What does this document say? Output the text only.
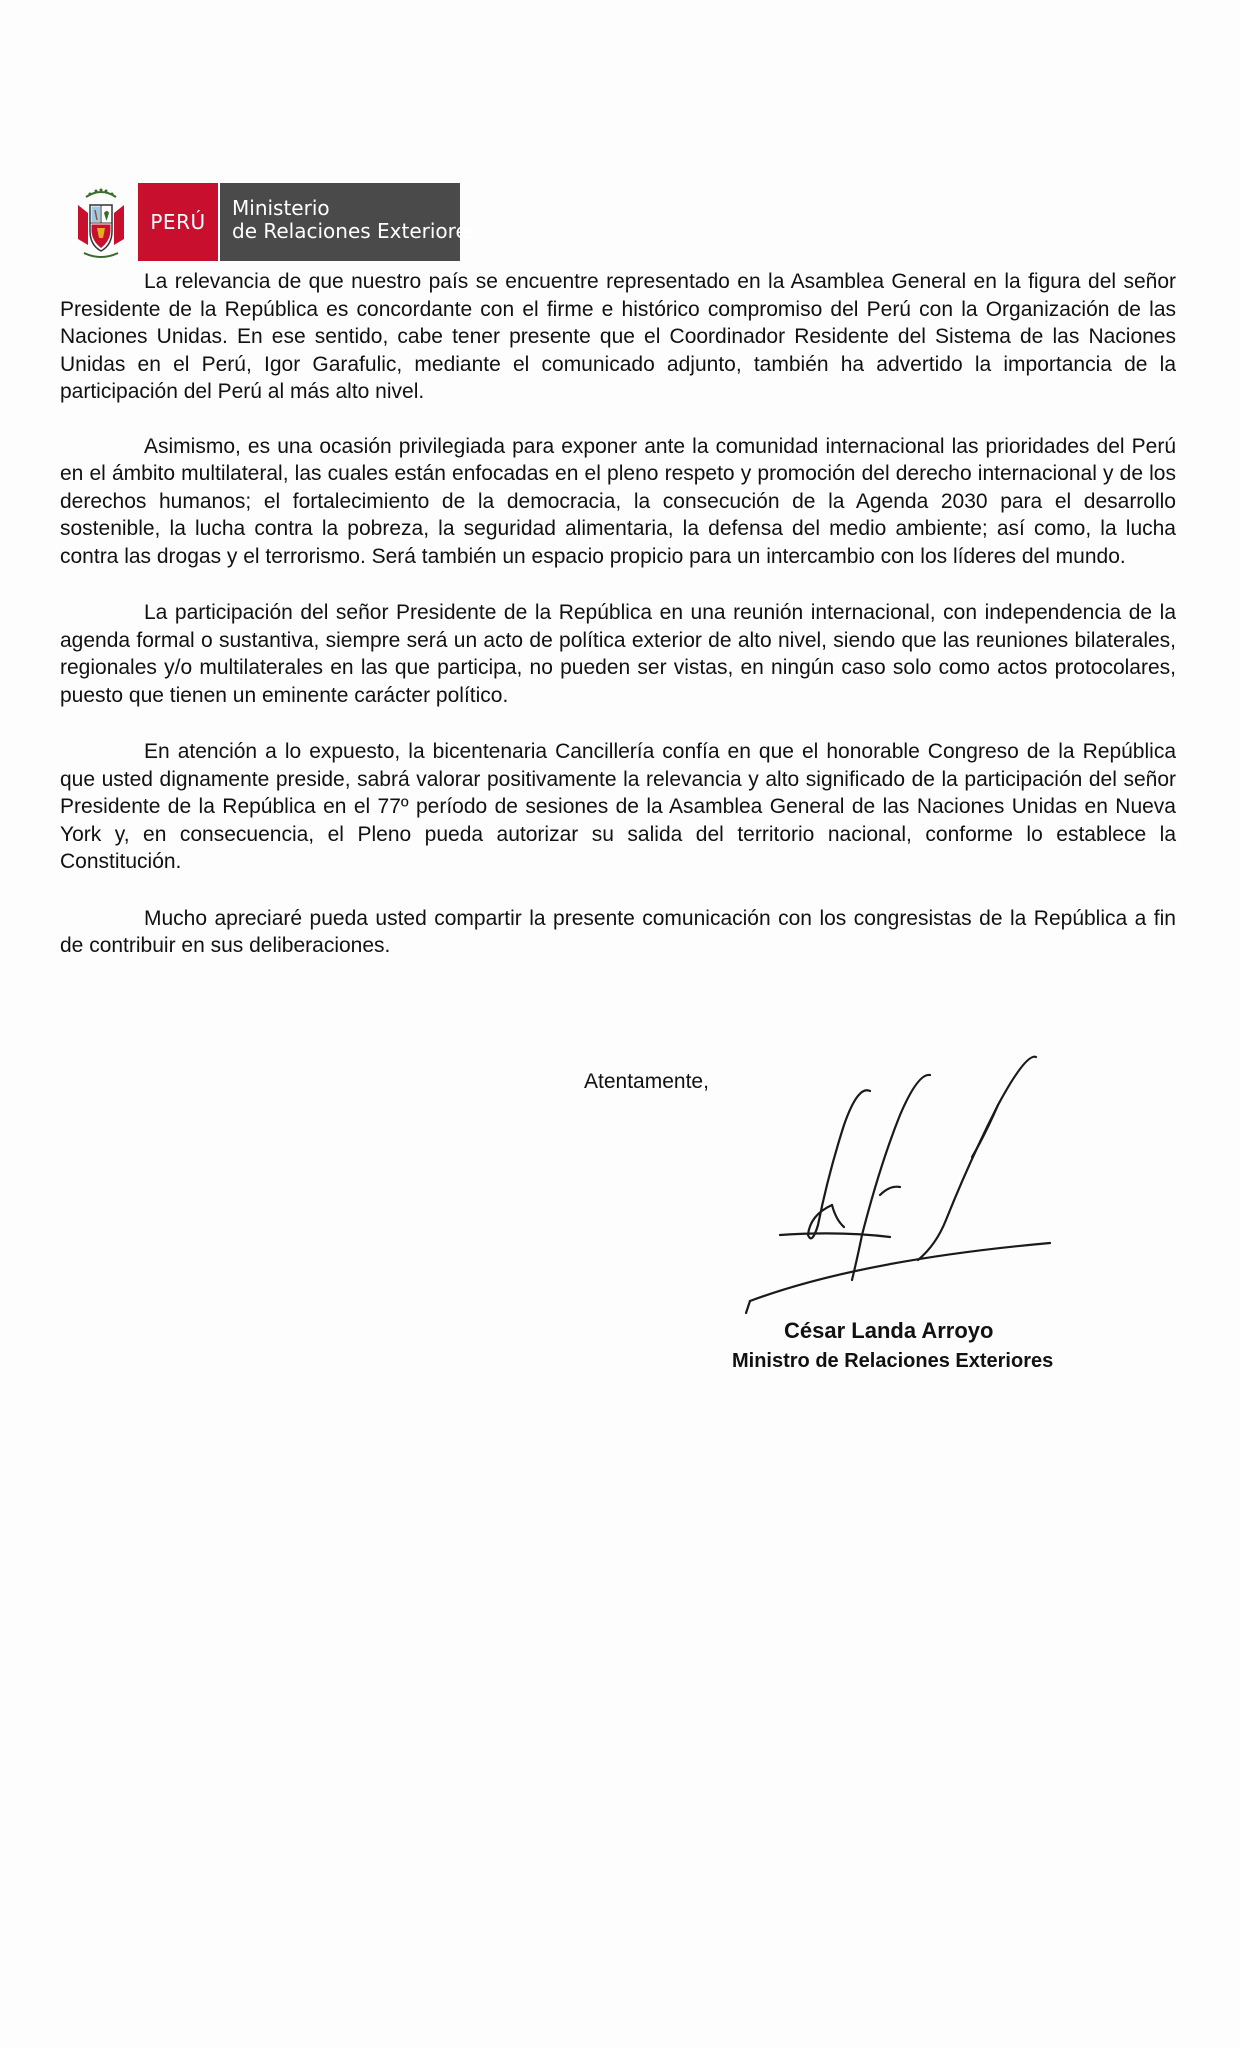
PERÚ
Ministerio
de Relaciones Exteriores

La relevancia de que nuestro país se encuentre representado en la Asamblea General en la figura del señor Presidente de la República es concordante con el firme e histórico compromiso del Perú con la Organización de las Naciones Unidas. En ese sentido, cabe tener presente que el Coordinador Residente del Sistema de las Naciones Unidas en el Perú, Igor Garafulic, mediante el comunicado adjunto, también ha advertido la importancia de la participación del Perú al más alto nivel.

Asimismo, es una ocasión privilegiada para exponer ante la comunidad internacional las prioridades del Perú en el ámbito multilateral, las cuales están enfocadas en el pleno respeto y promoción del derecho internacional y de los derechos humanos; el fortalecimiento de la democracia, la consecución de la Agenda 2030 para el desarrollo sostenible, la lucha contra la pobreza, la seguridad alimentaria, la defensa del medio ambiente; así como, la lucha contra las drogas y el terrorismo. Será también un espacio propicio para un intercambio con los líderes del mundo.

La participación del señor Presidente de la República en una reunión internacional, con independencia de la agenda formal o sustantiva, siempre será un acto de política exterior de alto nivel, siendo que las reuniones bilaterales, regionales y/o multilaterales en las que participa, no pueden ser vistas, en ningún caso solo como actos protocolares, puesto que tienen un eminente carácter político.

En atención a lo expuesto, la bicentenaria Cancillería confía en que el honorable Congreso de la República que usted dignamente preside, sabrá valorar positivamente la relevancia y alto significado de la participación del señor Presidente de la República en el 77º período de sesiones de la Asamblea General de las Naciones Unidas en Nueva York y, en consecuencia, el Pleno pueda autorizar su salida del territorio nacional, conforme lo establece la Constitución.

Mucho apreciaré pueda usted compartir la presente comunicación con los congresistas de la República a fin de contribuir en sus deliberaciones.

Atentamente,
César Landa Arroyo
Ministro de Relaciones Exteriores
